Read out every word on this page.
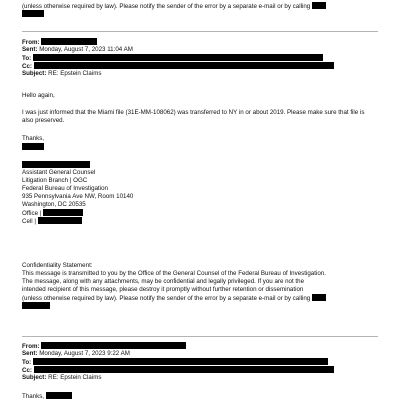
(unless otherwise required by law). Please notify the sender of the error by a separate e-mail or by calling
From:
Sent: Monday, August 7, 2023 11:04 AM
To:
Cc:
Subject: RE: Epstein Claims
Hello again,
I was just informed that the Miami file (31E-MM-108062) was transferred to NY in or about 2019. Please make sure that file is also preserved.
Thanks,
Assistant General Counsel
Litigation Branch | OGC
Federal Bureau of Investigation
935 Pennsylvania Ave NW, Room 10140
Washington, DC 20535
Office |
Cell |
Confidentiality Statement:
This message is transmitted to you by the Office of the General Counsel of the Federal Bureau of Investigation.
The message, along with any attachments, may be confidential and legally privileged. If you are not the
intended recipient of this message, please destroy it promptly without further retention or dissemination
(unless otherwise required by law). Please notify the sender of the error by a separate e-mail or by calling
From:
Sent: Monday, August 7, 2023 9:22 AM
To:
Cc:
Subject: RE: Epstein Claims
Thanks,
